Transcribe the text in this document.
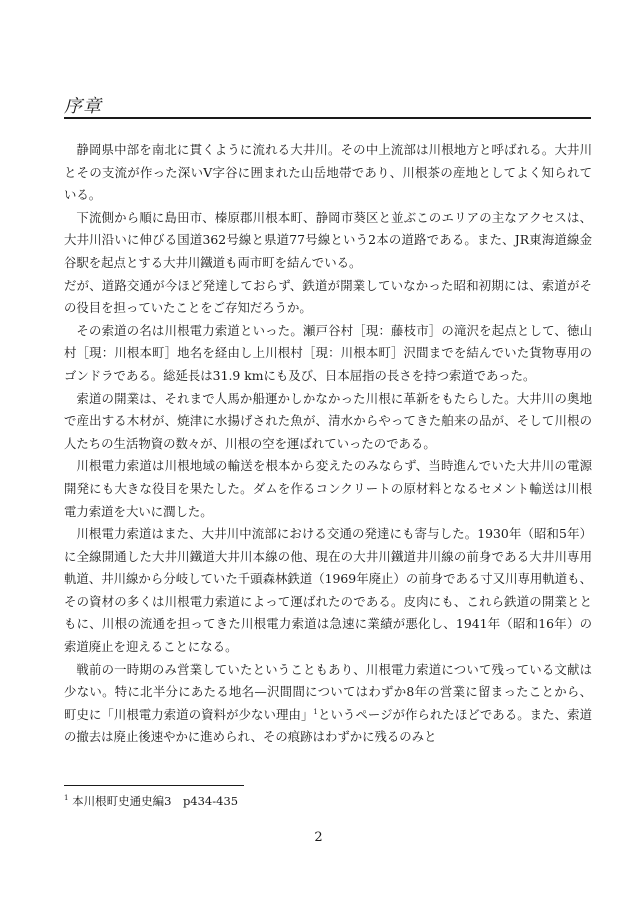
序章

静岡県中部を南北に貫くように流れる大井川。その中上流部は川根地方と呼ばれる。大井川とその支流が作った深いV字谷に囲まれた山岳地帯であり、川根茶の産地としてよく知られている。

下流側から順に島田市、榛原郡川根本町、静岡市葵区と並ぶこのエリアの主なアクセスは、大井川沿いに伸びる国道362号線と県道77号線という2本の道路である。また、JR東海道線金谷駅を起点とする大井川鐵道も両市町を結んでいる。

だが、道路交通が今ほど発達しておらず、鉄道が開業していなかった昭和初期には、索道がその役目を担っていたことをご存知だろうか。

その索道の名は川根電力索道といった。瀬戸谷村［現：藤枝市］の滝沢を起点として、徳山村［現：川根本町］地名を経由し上川根村［現：川根本町］沢間までを結んでいた貨物専用のゴンドラである。総延長は31.9 kmにも及び、日本屈指の長さを持つ索道であった。

索道の開業は、それまで人馬か船運かしかなかった川根に革新をもたらした。大井川の奥地で産出する木材が、焼津に水揚げされた魚が、清水からやってきた舶来の品が、そして川根の人たちの生活物資の数々が、川根の空を運ばれていったのである。

川根電力索道は川根地域の輸送を根本から変えたのみならず、当時進んでいた大井川の電源開発にも大きな役目を果たした。ダムを作るコンクリートの原材料となるセメント輸送は川根電力索道を大いに潤した。

川根電力索道はまた、大井川中流部における交通の発達にも寄与した。1930年（昭和5年）に全線開通した大井川鐵道大井川本線の他、現在の大井川鐵道井川線の前身である大井川専用軌道、井川線から分岐していた千頭森林鉄道（1969年廃止）の前身である寸又川専用軌道も、その資材の多くは川根電力索道によって運ばれたのである。皮肉にも、これら鉄道の開業とともに、川根の流通を担ってきた川根電力索道は急速に業績が悪化し、1941年（昭和16年）の索道廃止を迎えることになる。

戦前の一時期のみ営業していたということもあり、川根電力索道について残っている文献は少ない。特に北半分にあたる地名—沢間間についてはわずか8年の営業に留まったことから、町史に「川根電力索道の資料が少ない理由」$^1$というページが作られたほどである。また、索道の撤去は廃止後速やかに進められ、その痕跡はわずかに残るのみと

$^1$ 本川根町史通史編3　p434-435

2
